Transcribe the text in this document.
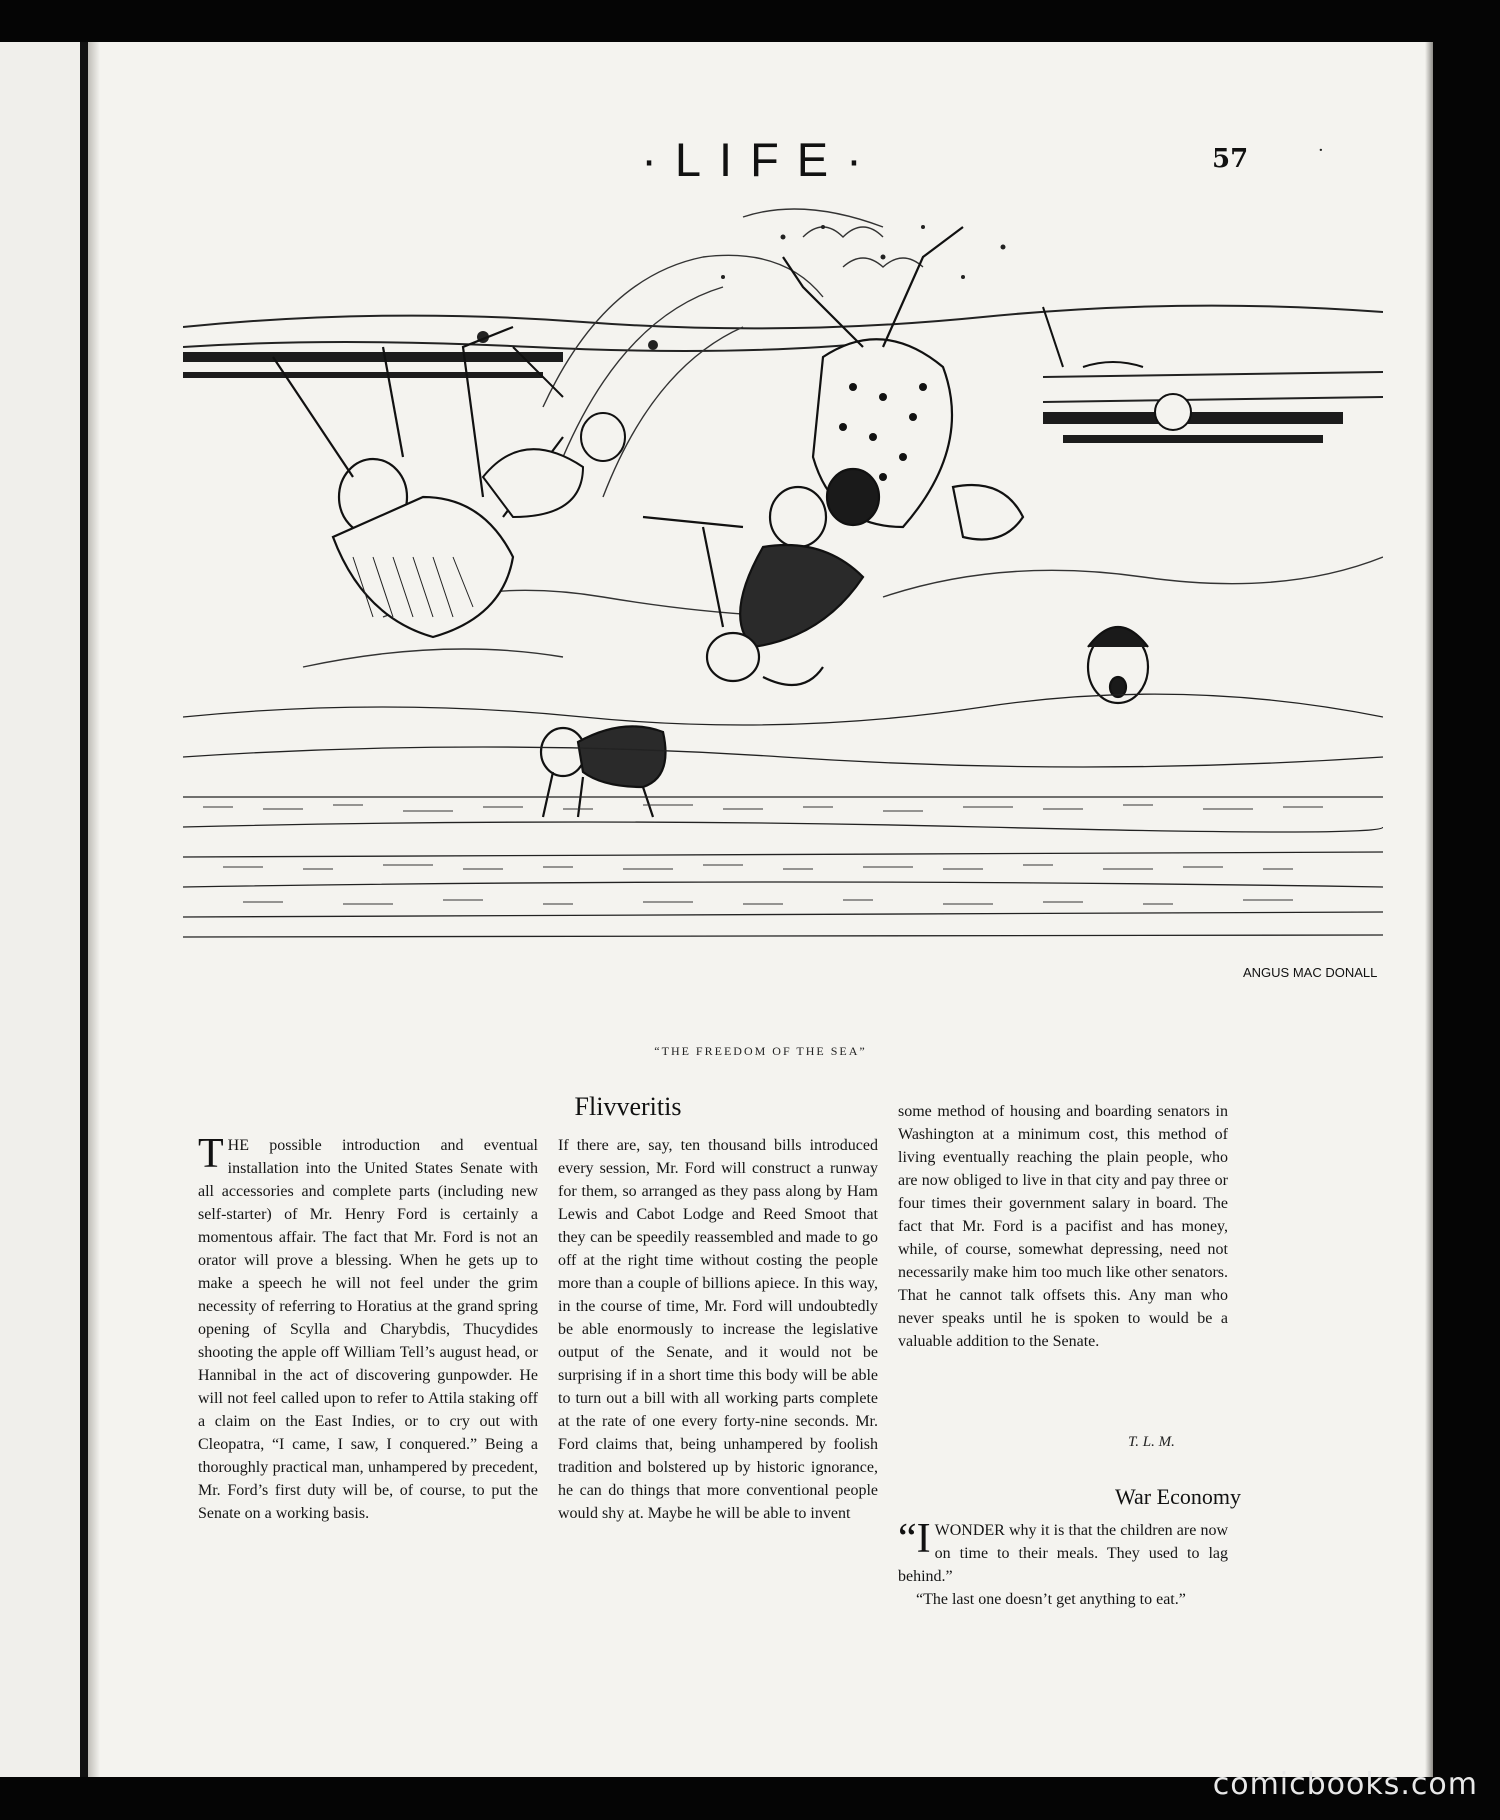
·LIFE·	57
ANGUS MAC DONALL
“THE FREEDOM OF THE SEA”
Flivveritis
T HE possible introduction and eventual installation into the United States Senate with all accessories and complete parts (including new self-starter) of Mr. Henry Ford is certainly a momentous affair. The fact that Mr. Ford is not an orator will prove a blessing. When he gets up to make a speech he will not feel under the grim necessity of referring to Horatius at the grand spring opening of Scylla and Charybdis, Thucydides shooting the apple off William Tell’s august head, or Hannibal in the act of discovering gunpowder. He will not feel called upon to refer to Attila staking off a claim on the East Indies, or to cry out with Cleopatra, “I came, I saw, I conquered.” Being a thoroughly practical man, unhampered by precedent, Mr. Ford’s first duty will be, of course, to put the Senate on a working basis.

If there are, say, ten thousand bills introduced every session, Mr. Ford will construct a runway for them, so arranged as they pass along by Ham Lewis and Cabot Lodge and Reed Smoot that they can be speedily reassembled and made to go off at the right time without costing the people more than a couple of billions apiece. In this way, in the course of time, Mr. Ford will undoubtedly be able enormously to increase the legislative output of the Senate, and it would not be surprising if in a short time this body will be able to turn out a bill with all working parts complete at the rate of one every forty-nine seconds. Mr. Ford claims that, being unhampered by foolish tradition and bolstered up by historic ignorance, he can do things that more conventional people would shy at. Maybe he will be able to invent

some method of housing and boarding senators in Washington at a minimum cost, this method of living eventually reaching the plain people, who are now obliged to live in that city and pay three or four times their government salary in board. The fact that Mr. Ford is a pacifist and has money, while, of course, somewhat depressing, need not necessarily make him too much like other senators. That he cannot talk offsets this. Any man who never speaks until he is spoken to would be a valuable addition to the Senate.

T. L. M.
War Economy

“I WONDER why it is that the children are now on time to their meals. They used to lag behind.”

“The last one doesn’t get anything to eat.”

·
comicbooks.com
